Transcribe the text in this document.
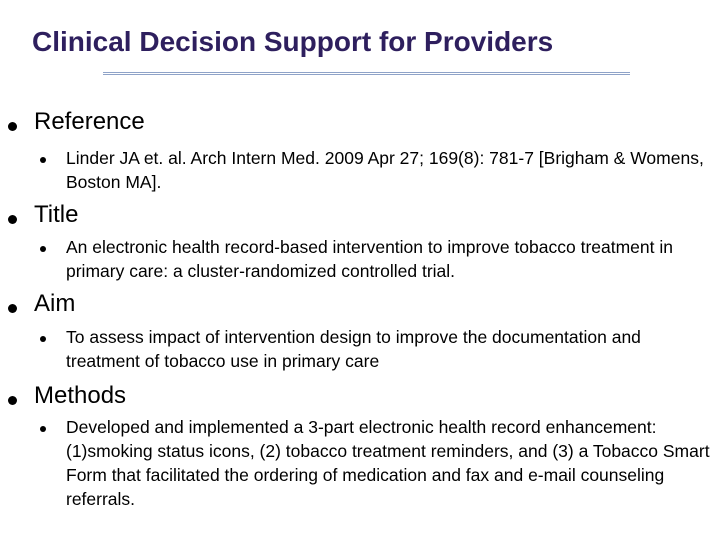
Clinical Decision Support for Providers
Reference
Linder JA et. al. Arch Intern Med. 2009 Apr 27; 169(8): 781-7 [Brigham & Womens, Boston MA].
Title
An electronic health record-based intervention to improve tobacco treatment in primary care: a cluster-randomized controlled trial.
Aim
To assess impact of intervention design to improve the documentation and treatment of tobacco use in primary care
Methods
Developed and implemented a 3-part electronic health record enhancement: (1)smoking status icons, (2) tobacco treatment reminders, and (3) a Tobacco Smart Form that facilitated the ordering of medication and fax and e-mail counseling referrals.
